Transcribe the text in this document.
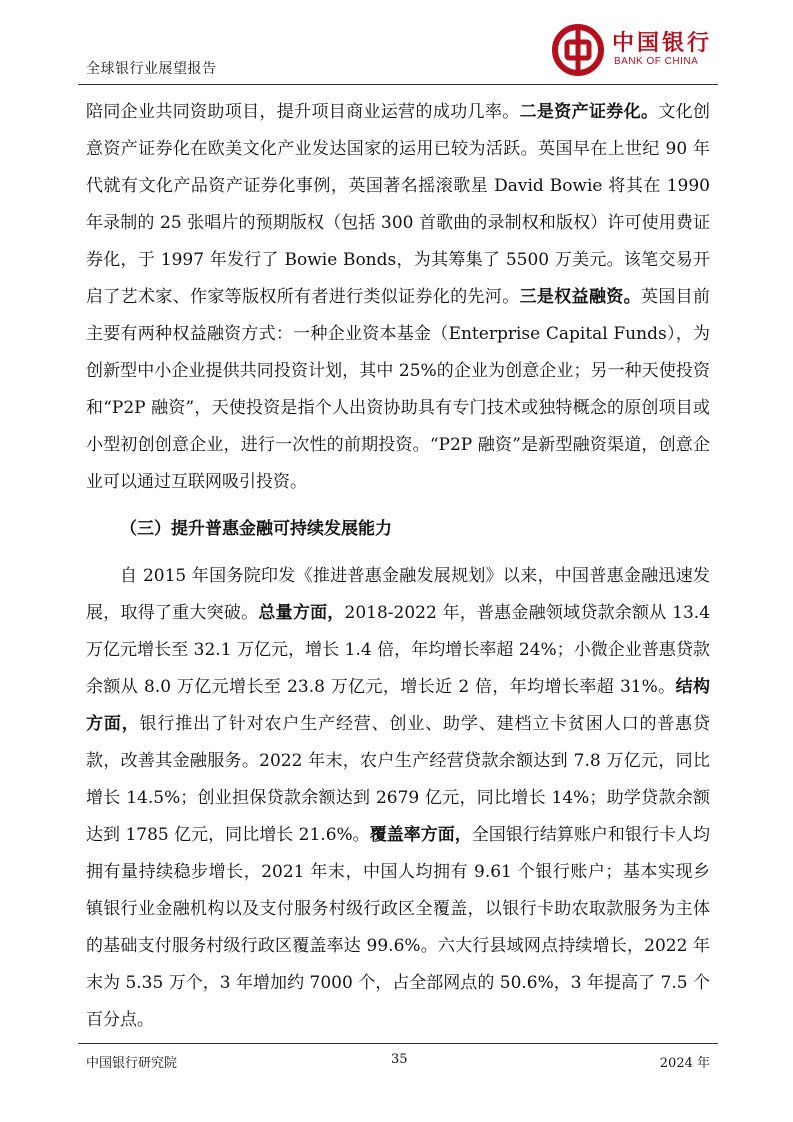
全球银行业展望报告
中国银行
BANK OF CHINA

陪同企业共同资助项目，提升项目商业运营的成功几率。二是资产证券化。文化创意资产证券化在欧美文化产业发达国家的运用已较为活跃。英国早在上世纪 90 年代就有文化产品资产证券化事例，英国著名摇滚歌星 David Bowie 将其在 1990 年录制的 25 张唱片的预期版权（包括 300 首歌曲的录制权和版权）许可使用费证券化，于 1997 年发行了 Bowie Bonds，为其筹集了 5500 万美元。该笔交易开启了艺术家、作家等版权所有者进行类似证券化的先河。三是权益融资。英国目前主要有两种权益融资方式：一种企业资本基金（Enterprise Capital Funds），为创新型中小企业提供共同投资计划，其中 25%的企业为创意企业；另一种天使投资和“P2P 融资”，天使投资是指个人出资协助具有专门技术或独特概念的原创项目或小型初创创意企业，进行一次性的前期投资。“P2P 融资”是新型融资渠道，创意企业可以通过互联网吸引投资。

（三）提升普惠金融可持续发展能力

自 2015 年国务院印发《推进普惠金融发展规划》以来，中国普惠金融迅速发展，取得了重大突破。总量方面，2018-2022 年，普惠金融领域贷款余额从 13.4 万亿元增长至 32.1 万亿元，增长 1.4 倍，年均增长率超 24%；小微企业普惠贷款余额从 8.0 万亿元增长至 23.8 万亿元，增长近 2 倍，年均增长率超 31%。结构方面，银行推出了针对农户生产经营、创业、助学、建档立卡贫困人口的普惠贷款，改善其金融服务。2022 年末，农户生产经营贷款余额达到 7.8 万亿元，同比增长 14.5%；创业担保贷款余额达到 2679 亿元，同比增长 14%；助学贷款余额达到 1785 亿元，同比增长 21.6%。覆盖率方面，全国银行结算账户和银行卡人均拥有量持续稳步增长，2021 年末，中国人均拥有 9.61 个银行账户；基本实现乡镇银行业金融机构以及支付服务村级行政区全覆盖，以银行卡助农取款服务为主体的基础支付服务村级行政区覆盖率达 99.6%。六大行县域网点持续增长，2022 年末为 5.35 万个，3 年增加约 7000 个，占全部网点的 50.6%，3 年提高了 7.5 个百分点。

中国银行研究院	35	2024 年
